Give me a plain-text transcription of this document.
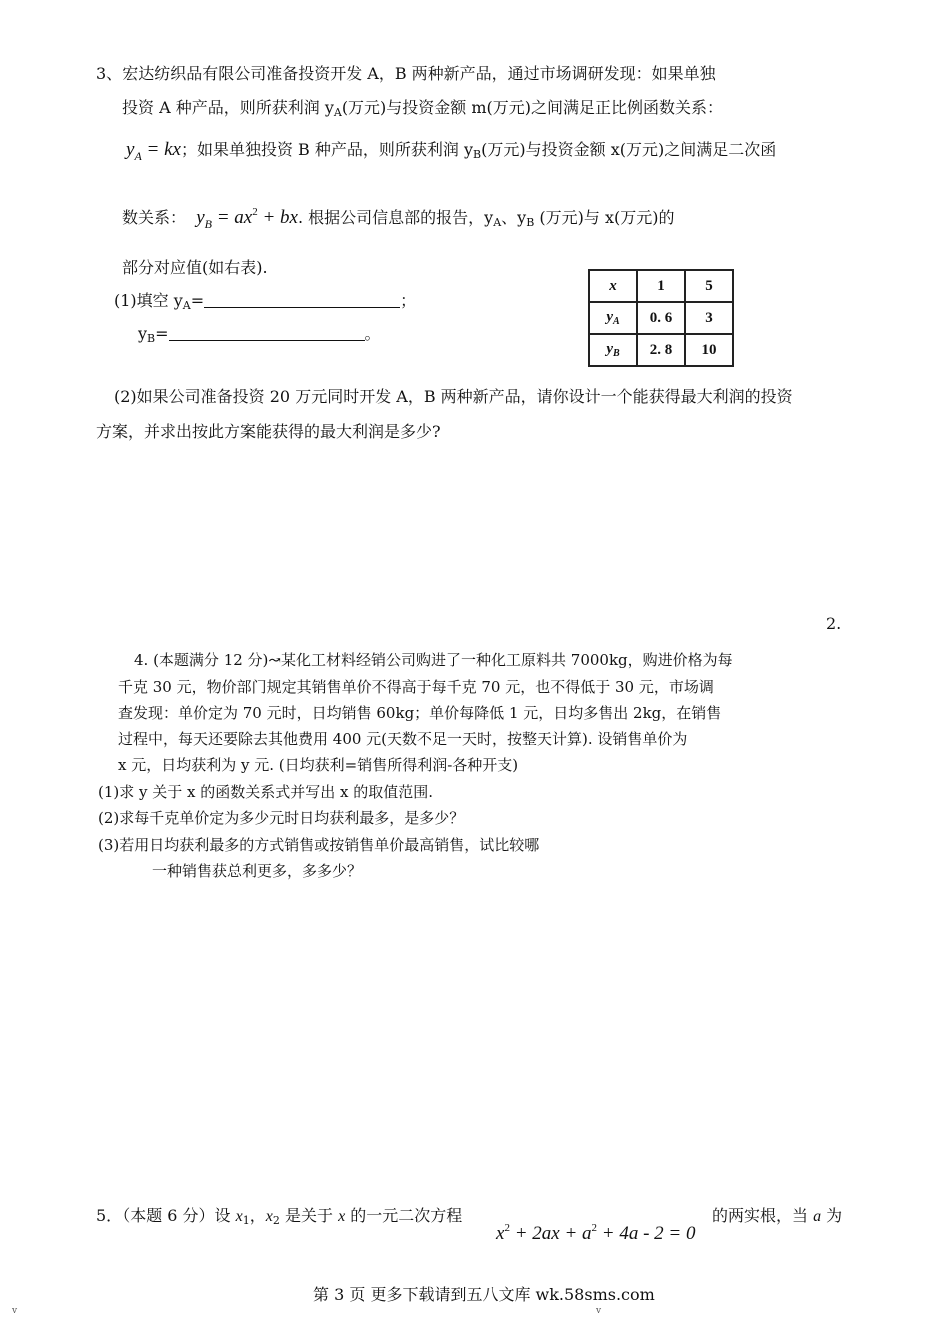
3、宏达纺织品有限公司准备投资开发 A，B 两种新产品，通过市场调研发现：如果单独
投资 A 种产品，则所获利润 $y_A$(万元)与投资金额 m(万元)之间满足正比例函数关系：
$y_A$ = kx；如果单独投资 B 种产品，则所获利润 $y_B$(万元)与投资金额 x(万元)之间满足二次函
数关系： $y_B = ax^2$ + bx. 根据公司信息部的报告，$y_A$、$y_B$ (万元)与 x(万元)的
部分对应值(如右表).
(1)填空 $y_A=$	；
$y_B=$	。
x	1	5
$y_A$	0. 6	3
$y_B$	2. 8	10
(2)如果公司准备投资 20 万元同时开发 A，B 两种新产品，请你设计一个能获得最大利润的投资
方案，并求出按此方案能获得的最大利润是多少?
2.
4. (本题满分 12 分)↝某化工材料经销公司购进了一种化工原料共 7000kg，购进价格为每
千克 30 元，物价部门规定其销售单价不得高于每千克 70 元，也不得低于 30 元，市场调
查发现：单价定为 70 元时，日均销售 60kg；单价每降低 1 元，日均多售出 2kg，在销售
过程中，每天还要除去其他费用 400 元(天数不足一天时，按整天计算). 设销售单价为
x 元，日均获利为 y 元. (日均获利=销售所得利润-各种开支)
(1)求 y 关于 x 的函数关系式并写出 x 的取值范围.
(2)求每千克单价定为多少元时日均获利最多，是多少？
(3)若用日均获利最多的方式销售或按销售单价最高销售，试比较哪
一种销售获总利更多，多多少？
5．（本题 6 分）设 $x_1$，$x_2$ 是关于 x 的一元二次方程
$x^2 + 2ax + a^2 + 4a - 2 = 0$
的两实根，当 a 为
第 3 页 更多下载请到五八文库 wk.58sms.com
v	v
